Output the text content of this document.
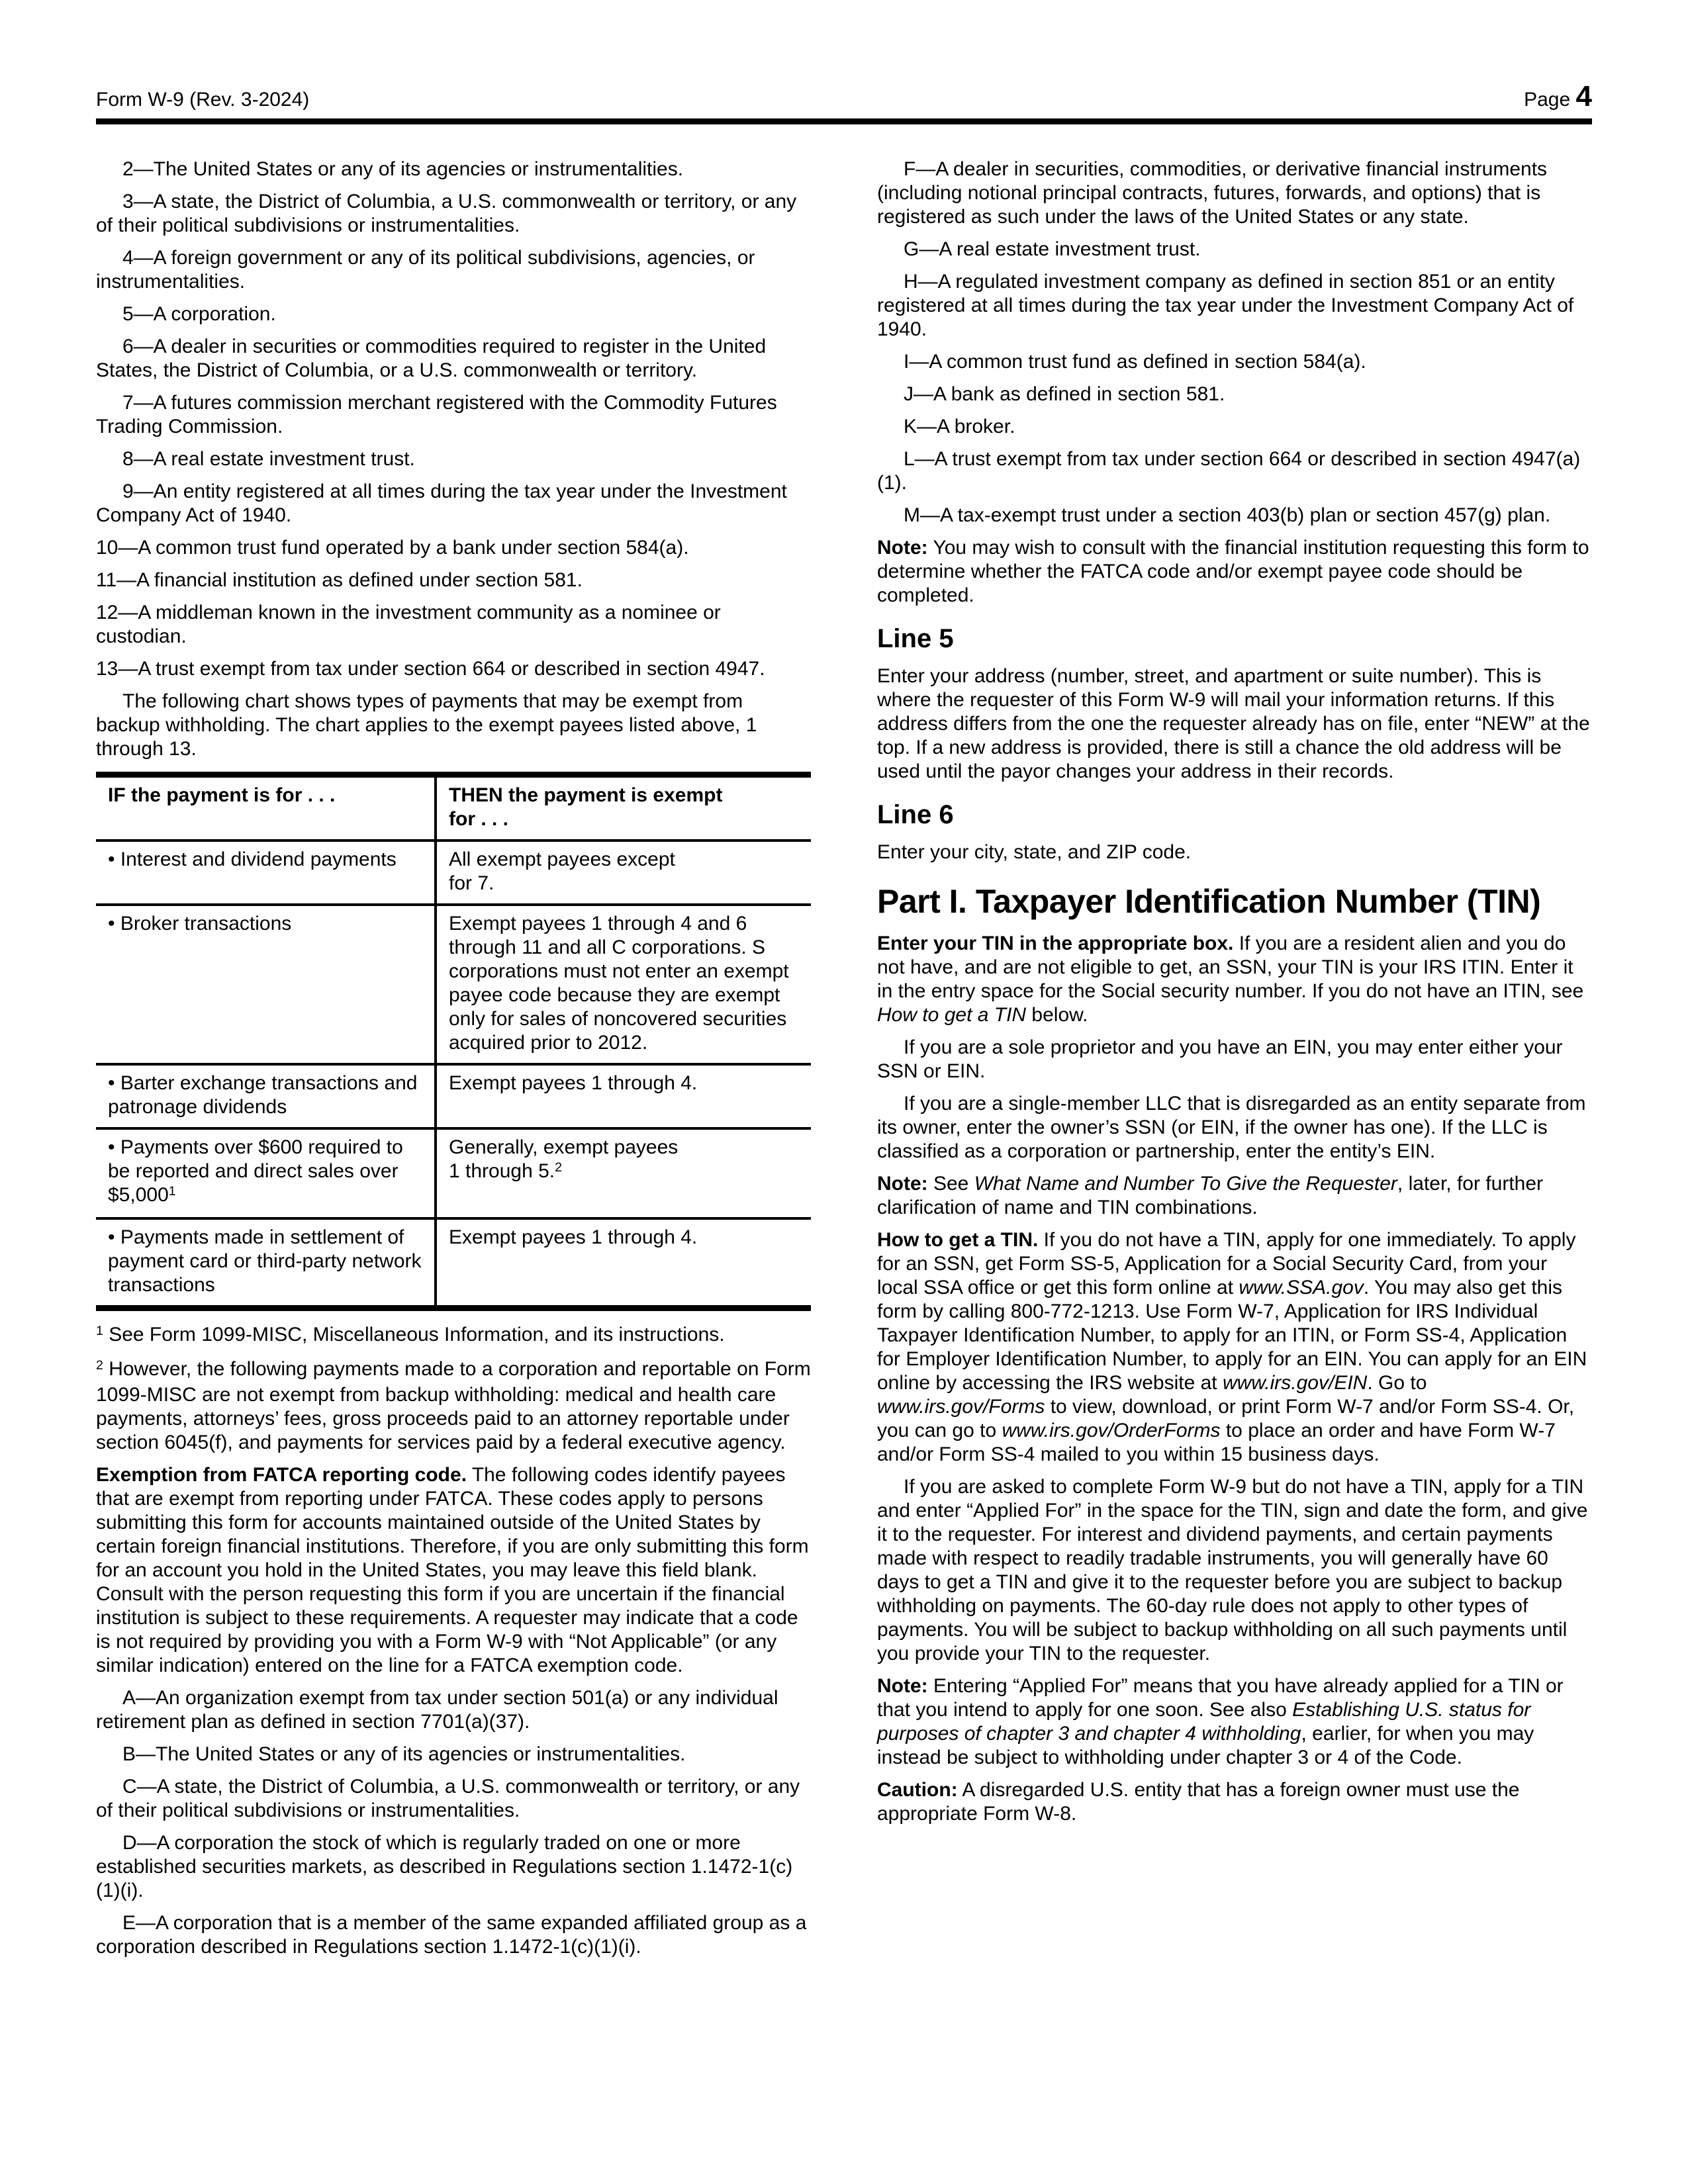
Form W-9 (Rev. 3-2024)	Page 4

2—The United States or any of its agencies or instrumentalities.

3—A state, the District of Columbia, a U.S. commonwealth or territory, or any of their political subdivisions or instrumentalities.

4—A foreign government or any of its political subdivisions, agencies, or instrumentalities.

5—A corporation.

6—A dealer in securities or commodities required to register in the United States, the District of Columbia, or a U.S. commonwealth or territory.

7—A futures commission merchant registered with the Commodity Futures Trading Commission.

8—A real estate investment trust.

9—An entity registered at all times during the tax year under the Investment Company Act of 1940.

10—A common trust fund operated by a bank under section 584(a).

11—A financial institution as defined under section 581.

12—A middleman known in the investment community as a nominee or custodian.

13—A trust exempt from tax under section 664 or described in section 4947.

The following chart shows types of payments that may be exempt from backup withholding. The chart applies to the exempt payees listed above, 1 through 13.

IF the payment is for . . .	THEN the payment is exempt
for . . .
• Interest and dividend payments	All exempt payees except
for 7.
• Broker transactions	Exempt payees 1 through 4 and 6 through 11 and all C corporations. S corporations must not enter an exempt payee code because they are exempt only for sales of noncovered securities acquired prior to 2012.
• Barter exchange transactions and patronage dividends	Exempt payees 1 through 4.
• Payments over $600 required to be reported and direct sales over $5,000$^1$	Generally, exempt payees
1 through 5.$^2$
• Payments made in settlement of payment card or third-party network transactions	Exempt payees 1 through 4.

$^1$ See Form 1099-MISC, Miscellaneous Information, and its instructions.

$^2$ However, the following payments made to a corporation and reportable on Form 1099-MISC are not exempt from backup withholding: medical and health care payments, attorneys’ fees, gross proceeds paid to an attorney reportable under section 6045(f), and payments for services paid by a federal executive agency.

Exemption from FATCA reporting code. The following codes identify payees that are exempt from reporting under FATCA. These codes apply to persons submitting this form for accounts maintained outside of the United States by certain foreign financial institutions. Therefore, if you are only submitting this form for an account you hold in the United States, you may leave this field blank. Consult with the person requesting this form if you are uncertain if the financial institution is subject to these requirements. A requester may indicate that a code is not required by providing you with a Form W-9 with “Not Applicable” (or any similar indication) entered on the line for a FATCA exemption code.

A—An organization exempt from tax under section 501(a) or any individual retirement plan as defined in section 7701(a)(37).

B—The United States or any of its agencies or instrumentalities.

C—A state, the District of Columbia, a U.S. commonwealth or territory, or any of their political subdivisions or instrumentalities.

D—A corporation the stock of which is regularly traded on one or more established securities markets, as described in Regulations section 1.1472-1(c)(1)(i).

E—A corporation that is a member of the same expanded affiliated group as a corporation described in Regulations section 1.1472-1(c)(1)(i).

F—A dealer in securities, commodities, or derivative financial instruments (including notional principal contracts, futures, forwards, and options) that is registered as such under the laws of the United States or any state.

G—A real estate investment trust.

H—A regulated investment company as defined in section 851 or an entity registered at all times during the tax year under the Investment Company Act of 1940.

I—A common trust fund as defined in section 584(a).

J—A bank as defined in section 581.

K—A broker.

L—A trust exempt from tax under section 664 or described in section 4947(a)(1).

M—A tax-exempt trust under a section 403(b) plan or section 457(g) plan.

Note: You may wish to consult with the financial institution requesting this form to determine whether the FATCA code and/or exempt payee code should be completed.

Line 5

Enter your address (number, street, and apartment or suite number). This is where the requester of this Form W-9 will mail your information returns. If this address differs from the one the requester already has on file, enter “NEW” at the top. If a new address is provided, there is still a chance the old address will be used until the payor changes your address in their records.

Line 6

Enter your city, state, and ZIP code.

Part I. Taxpayer Identification Number (TIN)

Enter your TIN in the appropriate box. If you are a resident alien and you do not have, and are not eligible to get, an SSN, your TIN is your IRS ITIN. Enter it in the entry space for the Social security number. If you do not have an ITIN, see How to get a TIN below.

If you are a sole proprietor and you have an EIN, you may enter either your SSN or EIN.

If you are a single-member LLC that is disregarded as an entity separate from its owner, enter the owner’s SSN (or EIN, if the owner has one). If the LLC is classified as a corporation or partnership, enter the entity’s EIN.

Note: See What Name and Number To Give the Requester, later, for further clarification of name and TIN combinations.

How to get a TIN. If you do not have a TIN, apply for one immediately. To apply for an SSN, get Form SS-5, Application for a Social Security Card, from your local SSA office or get this form online at www.SSA.gov. You may also get this form by calling 800-772-1213. Use Form W-7, Application for IRS Individual Taxpayer Identification Number, to apply for an ITIN, or Form SS-4, Application for Employer Identification Number, to apply for an EIN. You can apply for an EIN online by accessing the IRS website at www.irs.gov/EIN. Go to www.irs.gov/Forms to view, download, or print Form W-7 and/or Form SS-4. Or, you can go to www.irs.gov/OrderForms to place an order and have Form W-7 and/or Form SS-4 mailed to you within 15 business days.

If you are asked to complete Form W-9 but do not have a TIN, apply for a TIN and enter “Applied For” in the space for the TIN, sign and date the form, and give it to the requester. For interest and dividend payments, and certain payments made with respect to readily tradable instruments, you will generally have 60 days to get a TIN and give it to the requester before you are subject to backup withholding on payments. The 60-day rule does not apply to other types of payments. You will be subject to backup withholding on all such payments until you provide your TIN to the requester.

Note: Entering “Applied For” means that you have already applied for a TIN or that you intend to apply for one soon. See also Establishing U.S. status for purposes of chapter 3 and chapter 4 withholding, earlier, for when you may instead be subject to withholding under chapter 3 or 4 of the Code.

Caution: A disregarded U.S. entity that has a foreign owner must use the appropriate Form W-8.
